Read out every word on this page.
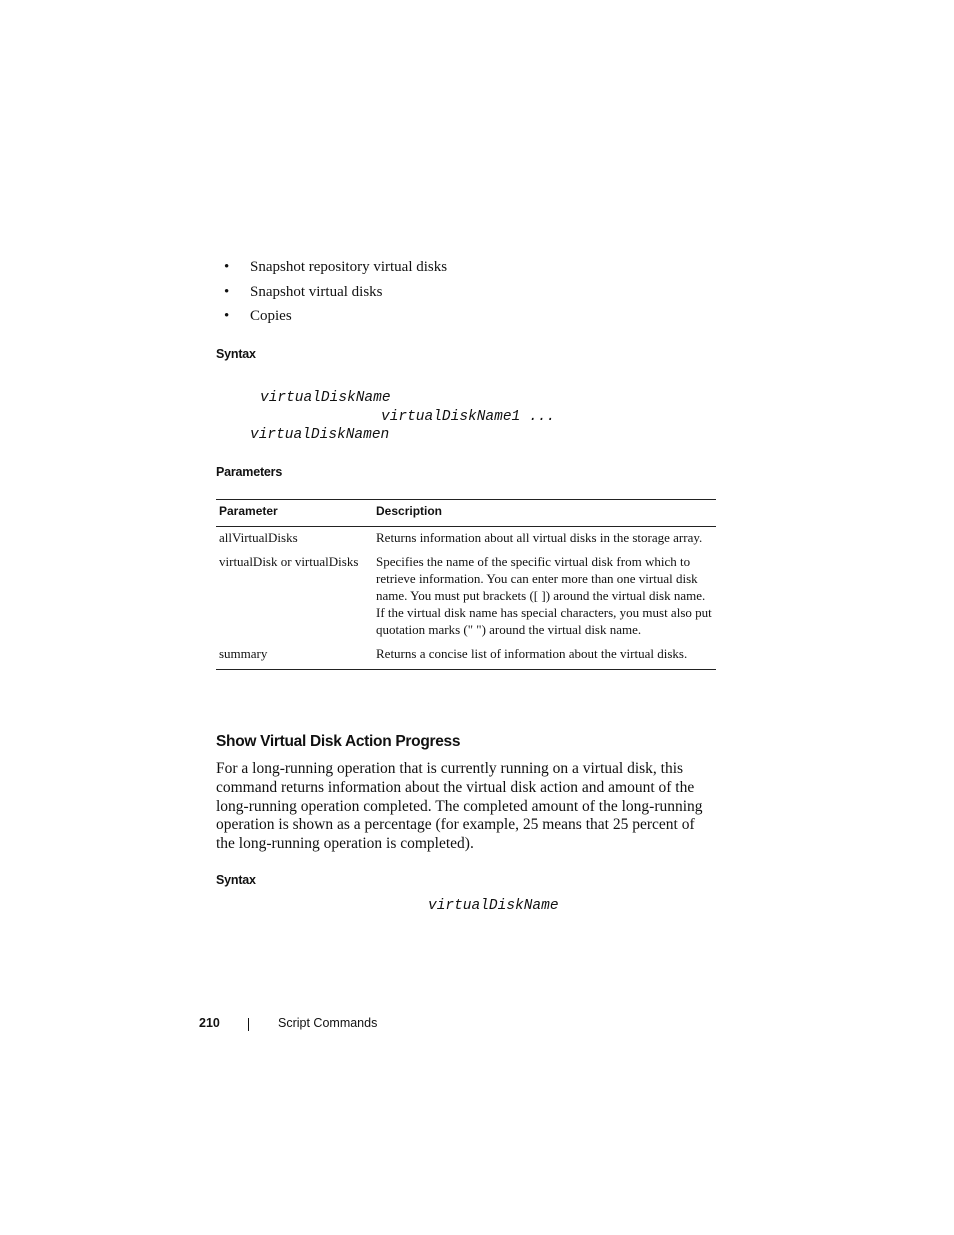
• Snapshot repository virtual disks
• Snapshot virtual disks
• Copies
Syntax
virtualDiskName
virtualDiskName1 ...
virtualDiskNamen
Parameters
Parameter	Description
allVirtualDisks	Returns information about all virtual disks in the storage array.
virtualDisk or virtualDisks	Specifies the name of the specific virtual disk from which to retrieve information. You can enter more than one virtual disk name. You must put brackets ([ ]) around the virtual disk name. If the virtual disk name has special characters, you must also put quotation marks (" ") around the virtual disk name.
summary	Returns a concise list of information about the virtual disks.
Show Virtual Disk Action Progress

For a long-running operation that is currently running on a virtual disk, this command returns information about the virtual disk action and amount of the long-running operation completed. The completed amount of the long-running operation is shown as a percentage (for example, 25 means that 25 percent of the long-running operation is completed).

Syntax
virtualDiskName
210	Script Commands
